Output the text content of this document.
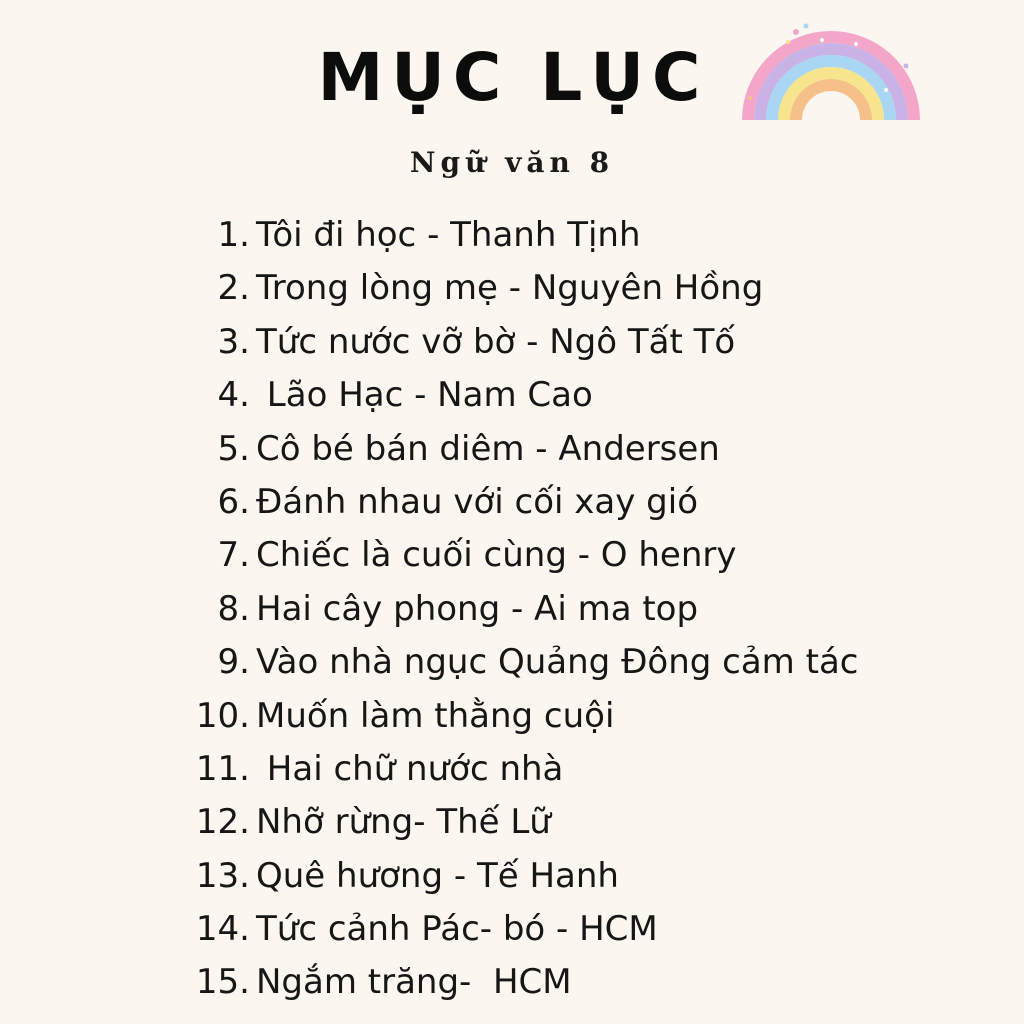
MỤC LỤC
Ngữ văn 8
1. Tôi đi học - Thanh Tịnh
2. Trong lòng mẹ - Nguyên Hồng
3. Tức nước vỡ bờ - Ngô Tất Tố
4. Lão Hạc - Nam Cao
5. Cô bé bán diêm - Andersen
6. Đánh nhau với cối xay gió
7. Chiếc là cuối cùng - O henry
8. Hai cây phong - Ai ma top
9. Vào nhà ngục Quảng Đông cảm tác
10. Muốn làm thằng cuội
11. Hai chữ nước nhà
12. Nhỡ rừng- Thế Lữ
13. Quê hương - Tế Hanh
14. Tức cảnh Pác- bó - HCM
15. Ngắm trăng-  HCM
